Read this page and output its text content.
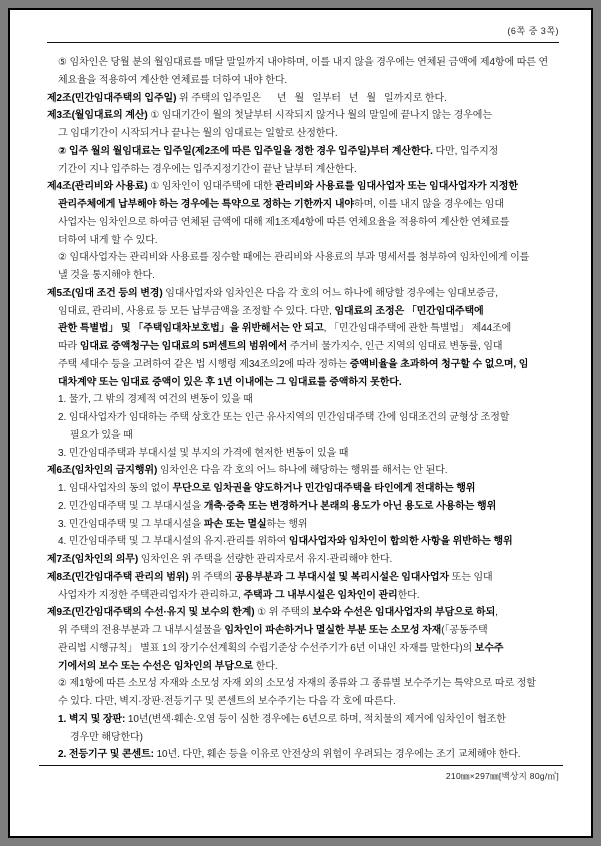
(6쪽 중 3쪽)
⑤ 임차인은 당월 분의 월임대료를 매달 말일까지 내야하며, 이를 내지 않을 경우에는 연체된 금액에 제4항에 따른 연
체요율을 적용하여 계산한 연체료를 더하여 내야 한다.
제2조(민간임대주택의 입주일) 위 주택의 입주일은      년   월   일부터   년   월   일까지로 한다.
제3조(월임대료의 계산) ① 임대기간이 월의 첫날부터 시작되지 않거나 월의 말일에 끝나지 않는 경우에는
그 임대기간이 시작되거나 끝나는 월의 임대료는 일할로 산정한다.
② 입주 월의 월임대료는 입주일(제2조에 따른 입주일을 정한 경우 입주일)부터 계산한다. 다만, 입주지정
기간이 지나 입주하는 경우에는 입주지정기간이 끝난 날부터 계산한다.
제4조(관리비와 사용료) ① 임차인이 임대주택에 대한 관리비와 사용료를 임대사업자 또는 임대사업자가 지정한
관리주체에게 납부해야 하는 경우에는 특약으로 정하는 기한까지 내야하며, 이를 내지 않을 경우에는 임대
사업자는 임차인으로 하여금 연체된 금액에 대해 제1조제4항에 따른 연체요율을 적용하여 계산한 연체료를
더하여 내게 할 수 있다.
② 임대사업자는 관리비와 사용료를 징수할 때에는 관리비와 사용료의 부과 명세서를 첨부하여 임차인에게 이를
낼 것을 통지해야 한다.
제5조(임대 조건 등의 변경) 임대사업자와 임차인은 다음 각 호의 어느 하나에 해당할 경우에는 임대보증금,
임대료, 관리비, 사용료 등 모든 납부금액을 조정할 수 있다. 다만, 임대료의 조정은 「민간임대주택에
관한 특별법」 및 「주택임대차보호법」을 위반해서는 안 되고, 「민간임대주택에 관한 특별법」 제44조에
따라 임대료 증액청구는 임대료의 5퍼센트의 범위에서 주거비 물가지수, 인근 지역의 임대료 변동률, 임대
주택 세대수 등을 고려하여 같은 법 시행령 제34조의2에 따라 정하는 증액비율을 초과하여 청구할 수 없으며, 임
대차계약 또는 임대료 증액이 있은 후 1년 이내에는 그 임대료를 증액하지 못한다.
1. 물가, 그 밖의 경제적 여건의 변동이 있을 때
2. 임대사업자가 임대하는 주택 상호간 또는 인근 유사지역의 민간임대주택 간에 임대조건의 균형상 조정할
필요가 있을 때
3. 민간임대주택과 부대시설 및 부지의 가격에 현저한 변동이 있을 때
제6조(임차인의 금지행위) 임차인은 다음 각 호의 어느 하나에 해당하는 행위를 해서는 안 된다.
1. 임대사업자의 동의 없이 무단으로 임차권을 양도하거나 민간임대주택을 타인에게 전대하는 행위
2. 민간임대주택 및 그 부대시설을 개축·증축 또는 변경하거나 본래의 용도가 아닌 용도로 사용하는 행위
3. 민간임대주택 및 그 부대시설을 파손 또는 멸실하는 행위
4. 민간임대주택 및 그 부대시설의 유지·관리를 위하여 임대사업자와 임차인이 합의한 사항을 위반하는 행위
제7조(임차인의 의무) 임차인은 위 주택을 선량한 관리자로서 유지·관리해야 한다.
제8조(민간임대주택 관리의 범위) 위 주택의 공용부분과 그 부대시설 및 복리시설은 임대사업자 또는 임대
사업자가 지정한 주택관리업자가 관리하고, 주택과 그 내부시설은 임차인이 관리한다.
제9조(민간임대주택의 수선·유지 및 보수의 한계) ① 위 주택의 보수와 수선은 임대사업자의 부담으로 하되,
위 주택의 전용부분과 그 내부시설물을 임차인이 파손하거나 멸실한 부분 또는 소모성 자재(「공동주택
관리법 시행규칙」 별표 1의 장기수선계획의 수립기준상 수선주기가 6년 이내인 자재를 말한다)의 보수주
기에서의 보수 또는 수선은 임차인의 부담으로 한다.
② 제1항에 따른 소모성 자재와 소모성 자재 외의 소모성 자재의 종류와 그 종류별 보수주기는 특약으로 따로 정할
수 있다. 다만, 벽지·장판·전등기구 및 콘센트의 보수주기는 다음 각 호에 따른다.
1. 벽지 및 장판: 10년(변색·훼손·오염 등이 심한 경우에는 6년으로 하며, 적치물의 제거에 임차인이 협조한
경우만 해당한다)
2. 전등기구 및 콘센트: 10년. 다만, 훼손 등을 이유로 안전상의 위험이 우려되는 경우에는 조기 교체해야 한다.
210㎜×297㎜[백상지 80g/㎡]
